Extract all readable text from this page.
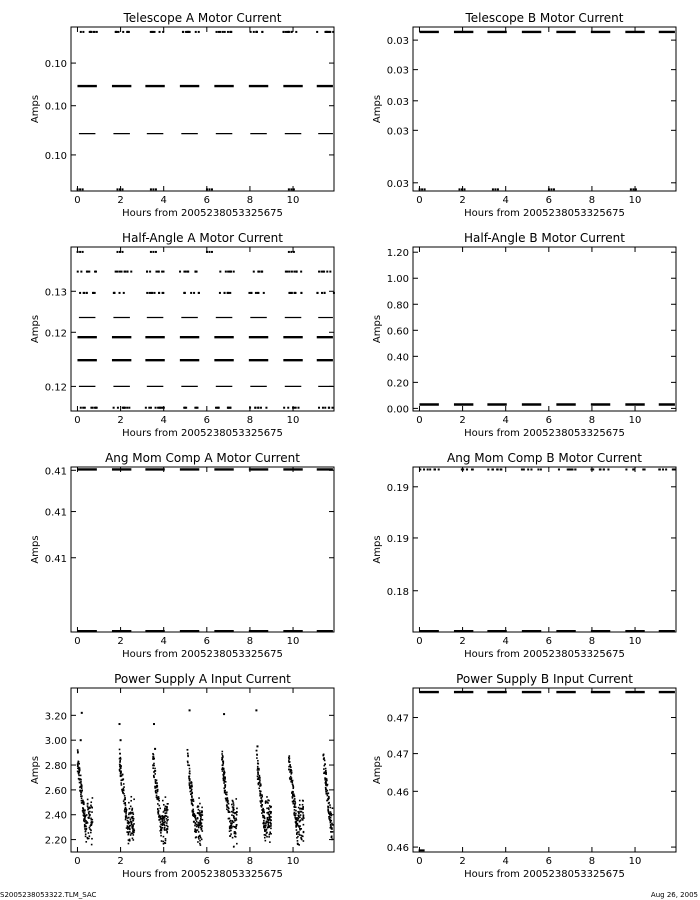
Telescope A Motor Current
0	2	4	6	8	10
Hours from 2005238053325675
0.10
0.10
0.10
Amps
Telescope B Motor Current
0	2	4	6	8	10
Hours from 2005238053325675
0.03
0.03
0.03
0.03
0.03
Amps
Half-Angle A Motor Current
0	2	4	6	8	10
Hours from 2005238053325675
0.13
0.12
0.12
Amps
Half-Angle B Motor Current
0	2	4	6	8	10
Hours from 2005238053325675
0.00
0.20
0.40
0.60
0.80
1.00
1.20
Amps
Ang Mom Comp A Motor Current
0	2	4	6	8	10
Hours from 2005238053325675
0.41
0.41
0.41
Amps
Ang Mom Comp B Motor Current
0	2	4	6	8	10
Hours from 2005238053325675
0.19
0.19
0.18
Amps
Power Supply A Input Current
0	2	4	6	8	10
Hours from 2005238053325675
2.20
2.40
2.60
2.80
3.00
3.20
Amps
Power Supply B Input Current
0	2	4	6	8	10
Hours from 2005238053325675
0.47
0.47
0.46
0.46
Amps
S2005238053322.TLM_SAC	Aug 26, 2005
